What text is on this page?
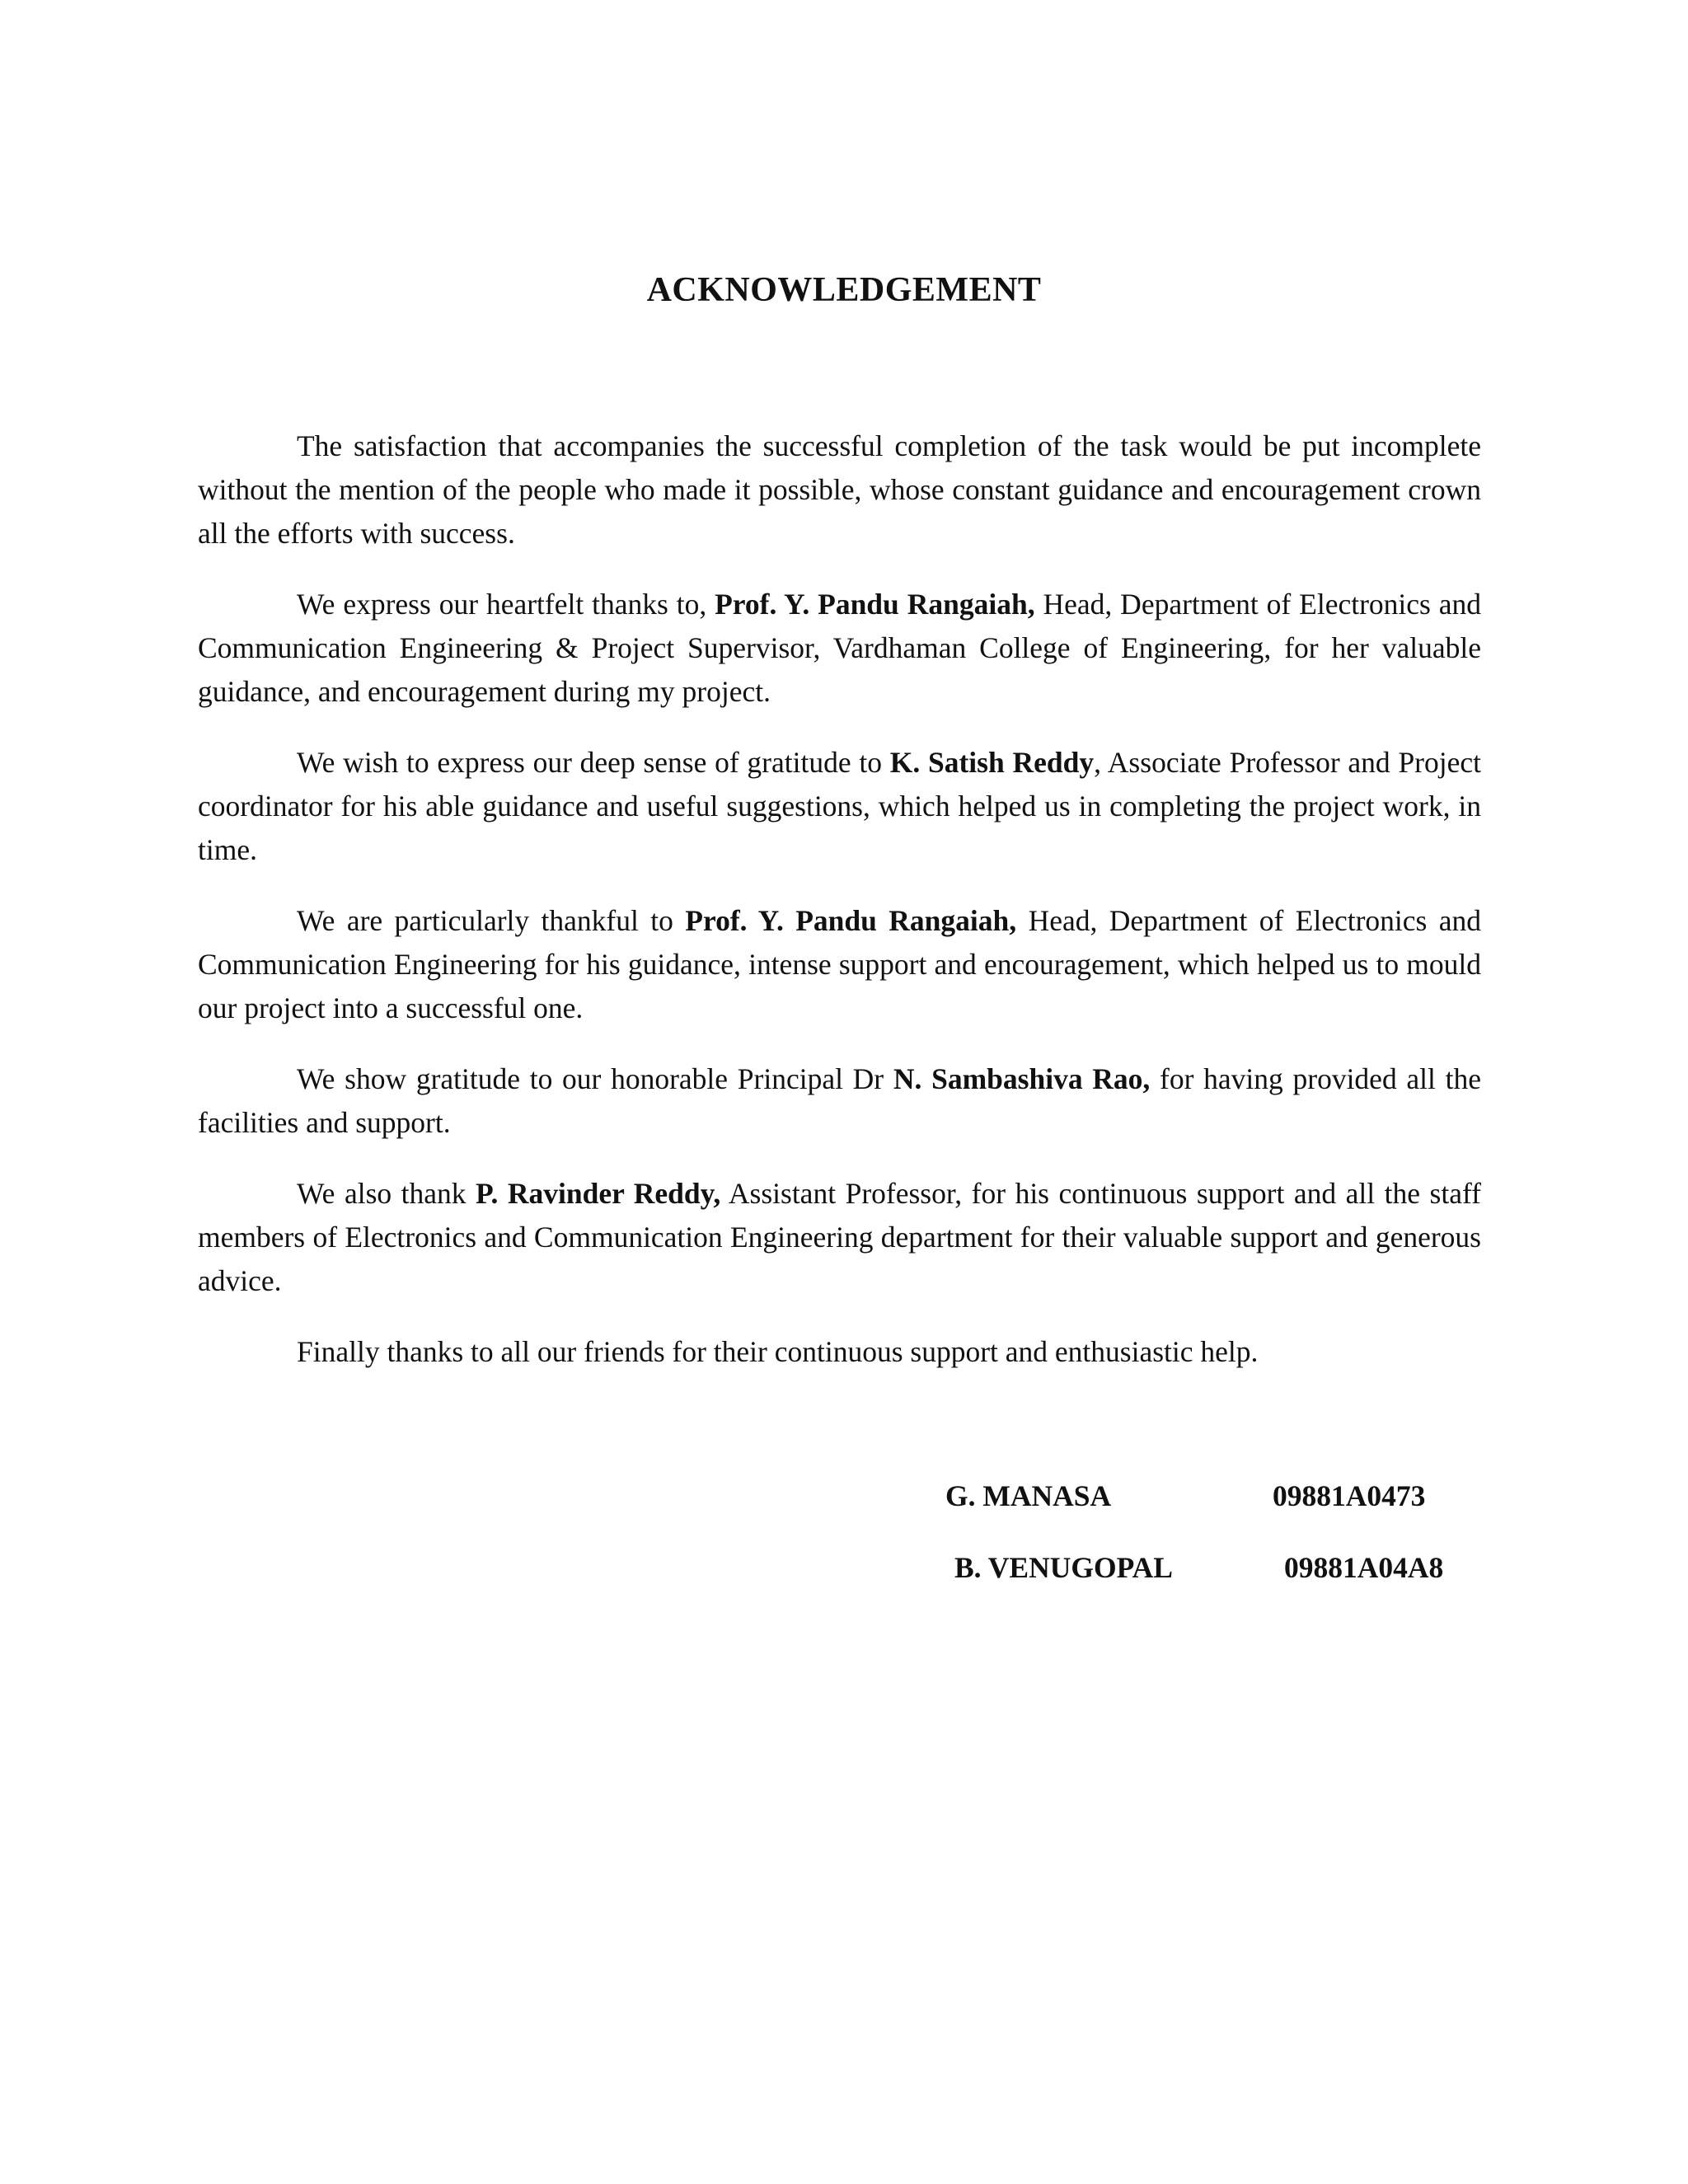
ACKNOWLEDGEMENT

The satisfaction that accompanies the successful completion of the task would be put incomplete without the mention of the people who made it possible, whose constant guidance and encouragement crown all the efforts with success.

We express our heartfelt thanks to, Prof. Y. Pandu Rangaiah, Head, Department of Electronics and Communication Engineering & Project Supervisor, Vardhaman College of Engineering, for her valuable guidance, and encouragement during my project.

We wish to express our deep sense of gratitude to K. Satish Reddy, Associate Professor and Project coordinator for his able guidance and useful suggestions, which helped us in completing the project work, in time.

We are particularly thankful to Prof. Y. Pandu Rangaiah, Head, Department of Electronics and Communication Engineering for his guidance, intense support and encouragement, which helped us to mould our project into a successful one.

We show gratitude to our honorable Principal Dr N. Sambashiva Rao, for having provided all the facilities and support.

We also thank P. Ravinder Reddy, Assistant Professor, for his continuous support and all the staff members of Electronics and Communication Engineering department for their valuable support and generous advice.

Finally thanks to all our friends for their continuous support and enthusiastic help.

G. MANASA	09881A0473
B. VENUGOPAL	09881A04A8
